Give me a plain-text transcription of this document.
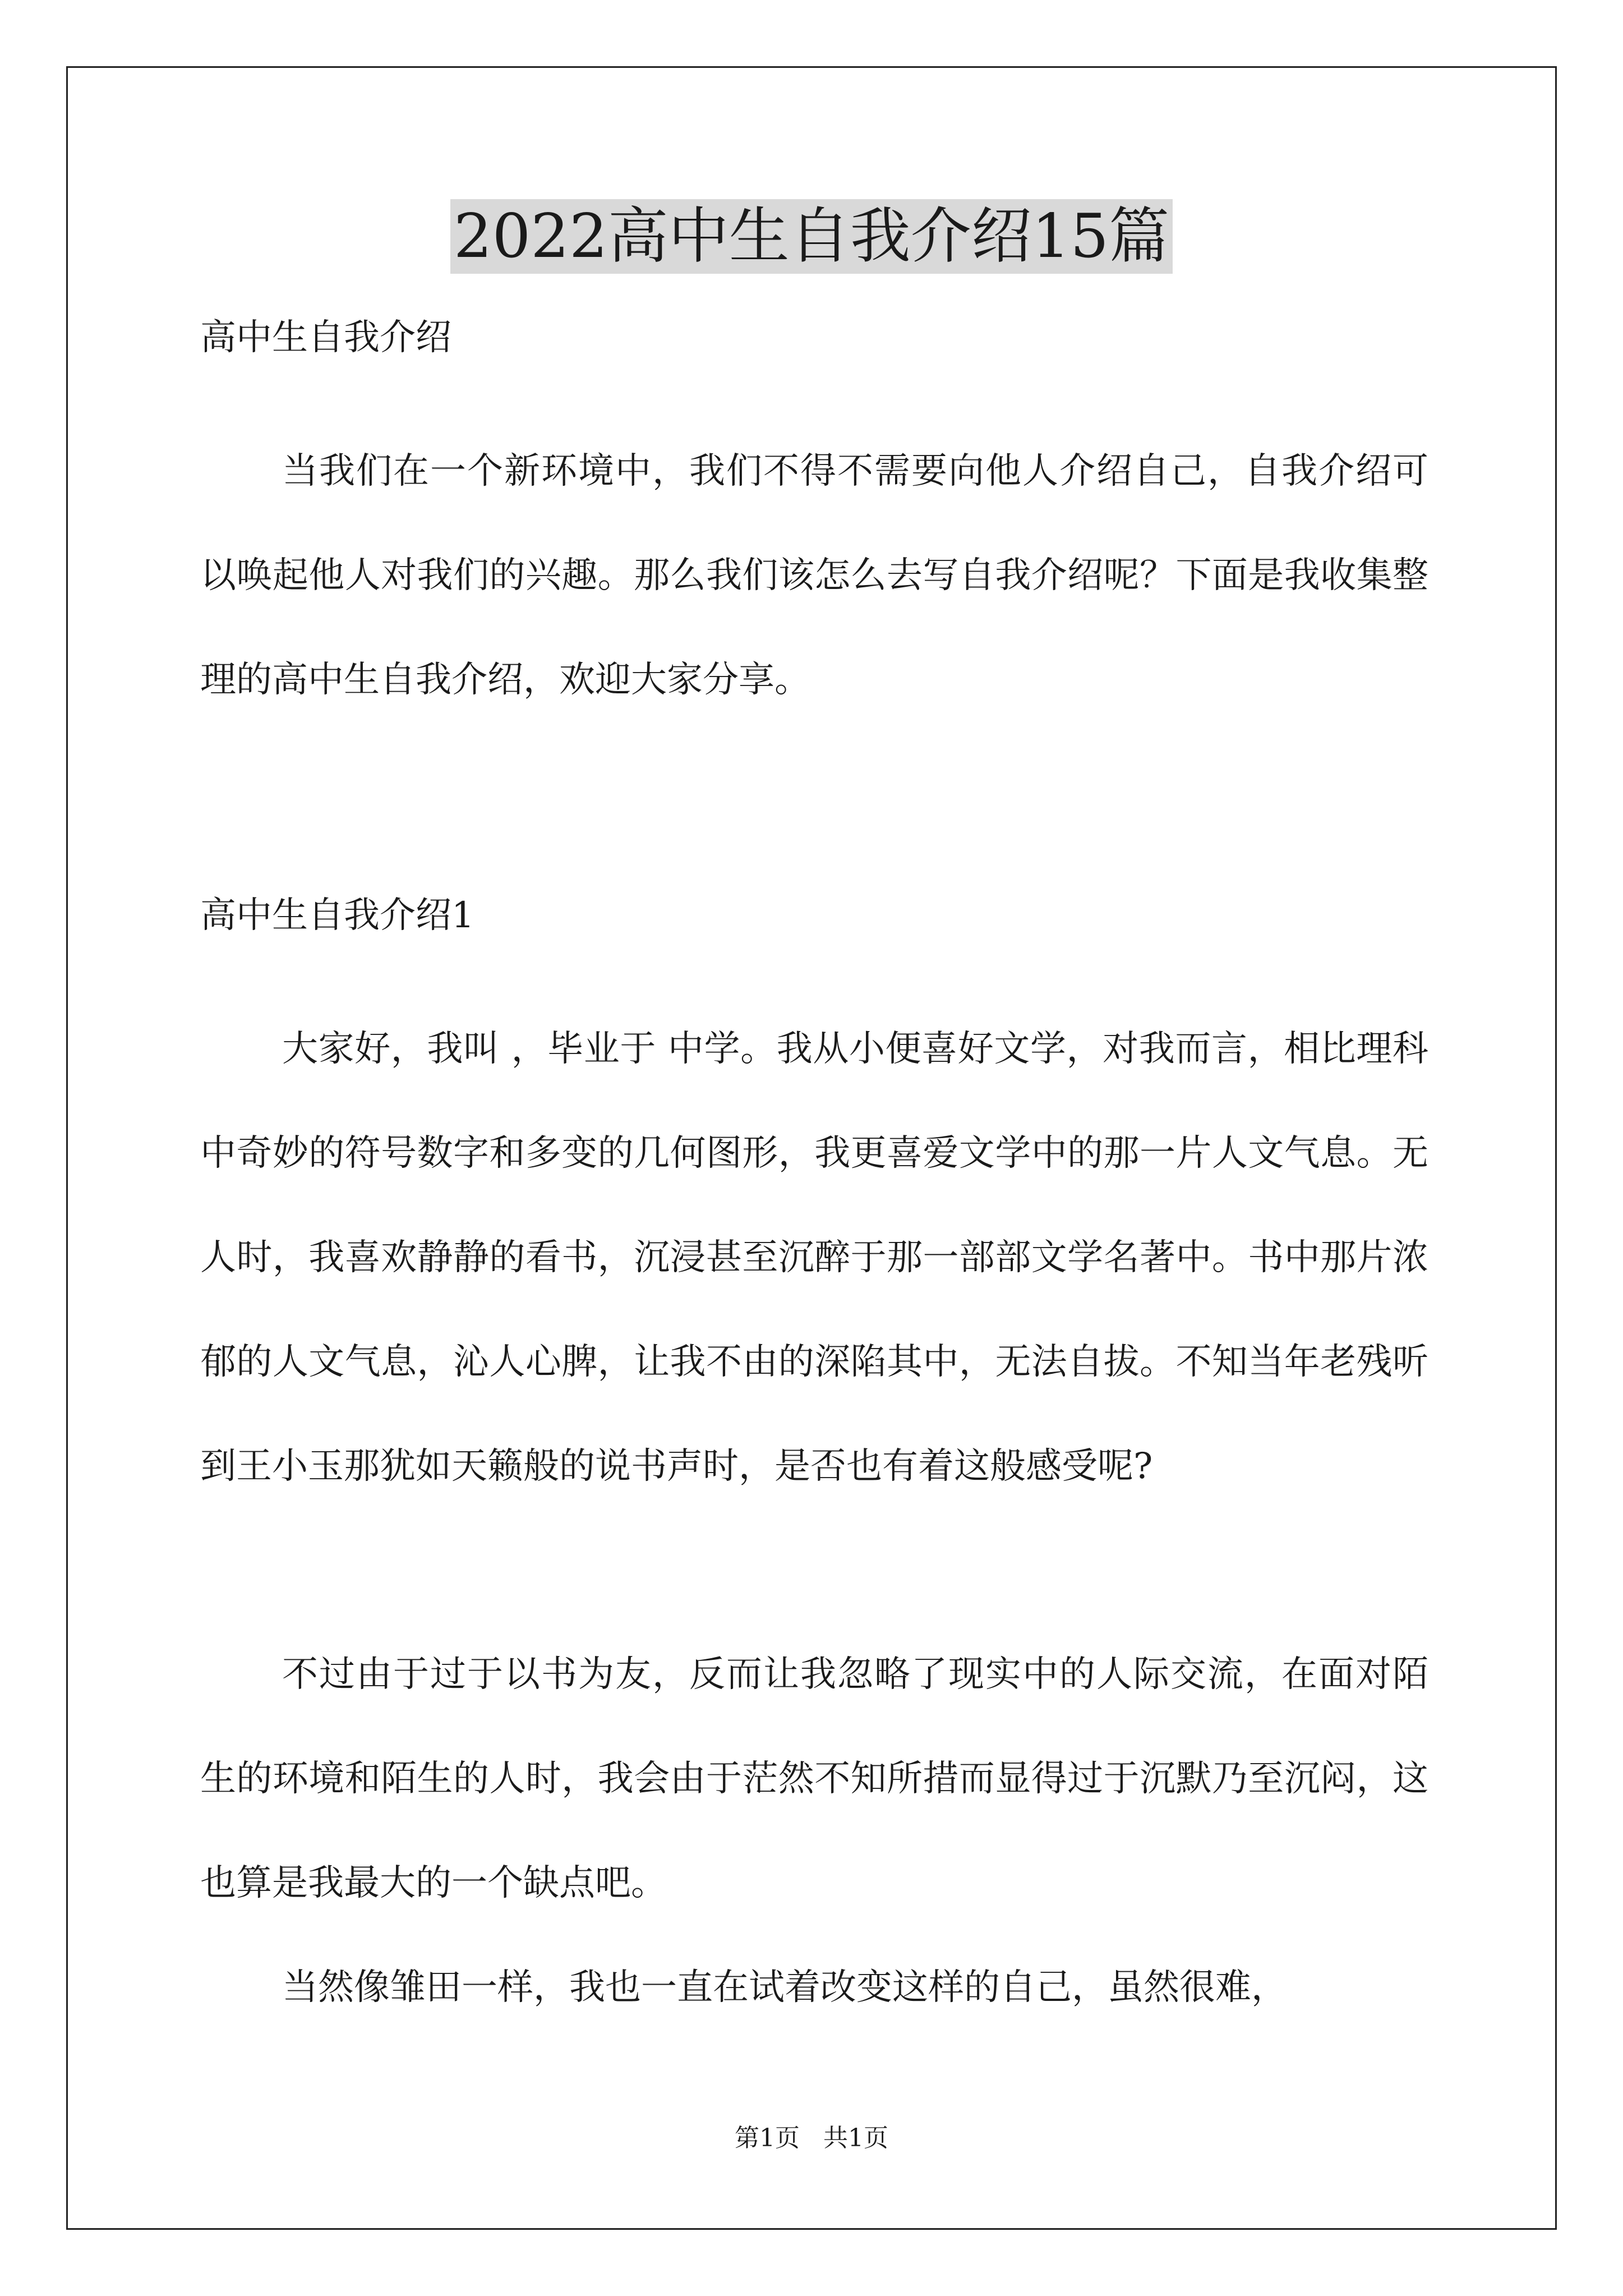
2022高中生自我介绍15篇
高中生自我介绍

当我们在一个新环境中，我们不得不需要向他人介绍自己，自我介绍可以唤起他人对我们的兴趣。那么我们该怎么去写自我介绍呢？下面是我收集整理的高中生自我介绍，欢迎大家分享。

高中生自我介绍1

大家好，我叫 ，毕业于 中学。我从小便喜好文学，对我而言，相比理科中奇妙的符号数字和多变的几何图形，我更喜爱文学中的那一片人文气息。无人时，我喜欢静静的看书，沉浸甚至沉醉于那一部部文学名著中。书中那片浓郁的人文气息，沁人心脾，让我不由的深陷其中，无法自拔。不知当年老残听到王小玉那犹如天籁般的说书声时，是否也有着这般感受呢?

不过由于过于以书为友，反而让我忽略了现实中的人际交流，在面对陌生的环境和陌生的人时，我会由于茫然不知所措而显得过于沉默乃至沉闷，这也算是我最大的一个缺点吧。

当然像雏田一样，我也一直在试着改变这样的自己，虽然很难，

第1页   共1页
